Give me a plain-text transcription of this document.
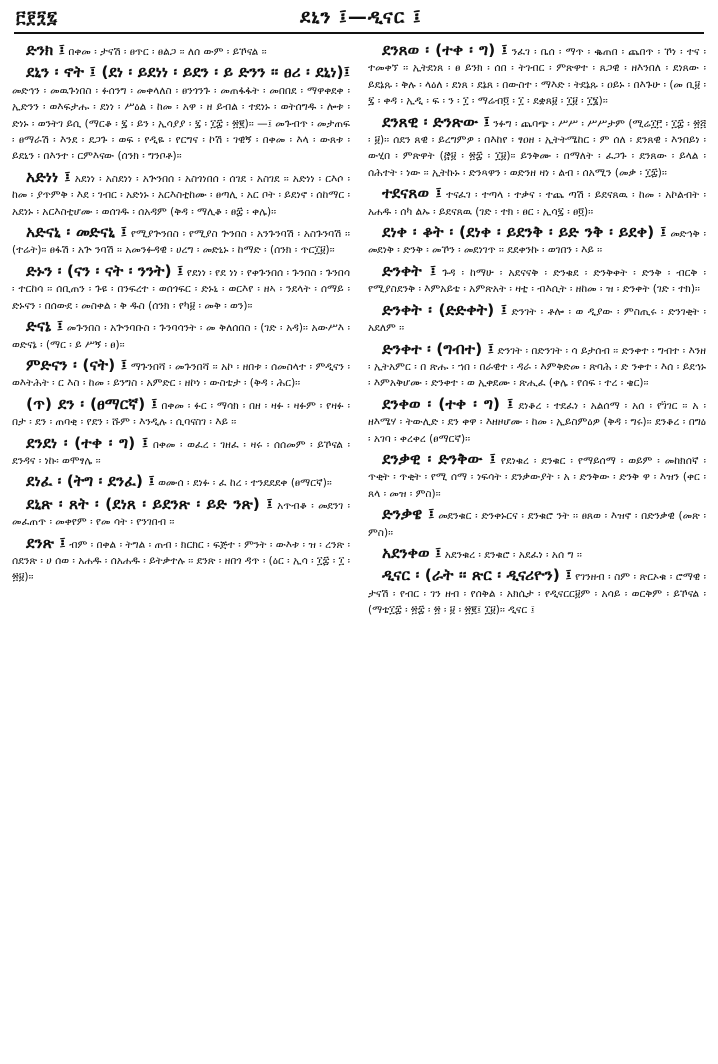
፫፻፺፯	ደኒን ፤—ዲናር ፤

ድንክ ፤ በቀመ ፡ ታናሽ ፡ ፀጥር ፡ ፀልጋ ፡፡ ለሰ ውም ፡ ይኾናል ፡፡

ደኒን ፡ ኖት ፤ (ደነ ፡ ይደነነ ፡ ይደን ፡ ይ ድንን ፡፡ ፀሪ ፡ ደኒነ)፤ መድኅን ፡ መዉጉነበስ ፡ ፉሰንግ ፡ መቀላለስ ፡ ፀንጎንጉ ፡ መጠፋፋት ፡ መበበደ ፡ ማዋቀደቀ ፡ ኢድንን ፡ ወእፍታሑ ፡ ደነነ ፡ ሥዕል ፡ ከመ ፡ አዋ ፡ ዘ ይብል ፡ ተደነኑ ፡ ወትሰግዱ ፡ ሎቱ ፡ ድነኑ ፡ ወንትገ ይሲ (ማርቆ ፡ ፯ ፡ ይን ፡ ኢሳያያ ፡ ፯ ፡ ፲፰ ፡ ፳፪)፡፡ —፤ መጉብጥ ፡ መታጠፍ ፡ ፀማራሽ ፡ እንደ ፡ ደጋጉ ፡ ወፍ ፡ የዲዬ ፡ የርግና ፡ ኮሽ ፡ ገዊኝ ፡ በቀመ ፡ እላ ፡ ውጸቱ ፡ ይደኒን ፡ በእንተ ፡ ርምእናው (ሰንክ ፡ ግንቦቶ)፡፡

አድነነ ፤ አደነነ ፡ አስደነነ ፡ አጕንበሰ ፡ አስጎነበሰ ፡ ሰገደ ፡ አስገደ ፡፡ አድነነ ፡ ርእሶ ፡ ከመ ፡ ያጥምቅ ፡ እደ ፡ ገብር ፡ አድነኑ ፡ አርእስቲከሙ ፡ ፀጣሊ ፡ አር ቦት ፡ ይደነኖ ፡ ሰከማር ፡ አደነኑ ፡ አርእስቲሆሙ ፡ ወሰገዱ ፡ ሰአዳም (ቅዳ ፡ ማሊቆ ፡ ፀ፰ ፡ ቀሌ)፡፡

አድናኒ ፡ መድናኒ ፤ የሚያጕንበስ ፡ የሚያስ ጕንበስ ፡ አንጉንባሽ ፡ አስጉንባሽ ፡፡ (ተሬት)፡፡ ፀፋሽ ፡ አጕ ንባሽ ፡፡ አመንፉዳዊ ፡ ሀረግ ፡ መድኒኑ ፡ ከማድ ፡ (ሰንክ ፡ ጥር፲፱)፡፡

ድኑን ፡ (ናን ፡ ናት ፡ ንንት) ፤ የደነነ ፡ የደ ነነ ፡ የቀጉንበሰ ፡ ጉንበስ ፡ ጉንበሳ ፡ ተርከሳ ፡፡ ሰቢጠን ፡ ጉዩ ፡ በንፍረተ ፡ ወሰጎፍር ፡ ድኑኒ ፡ ወርእየ ፡ ዘኣ ፡ ንደላት ፡ ሰማይ ፡ ድኑናን ፡ በሰውደ ፡ መስቀል ፡ ቅ ዱስ (ሰንክ ፡ የካ፱ ፡ መቅ ፡ ወን)፡፡

ድናኔ ፤ መጉንበስ ፡ አጕንባቡስ ፡ ጉንባሳንት ፡ መ ቅለሰበስ ፡ (ገድ ፡ አዳ)፡፡ አውሥእ ፡ ወድናኔ ፡ (ማር ፡ ይ ሥኝ ፡ ፀ)፡፡

ምድናን ፡ (ናት) ፤ ማጉንበሻ ፡ መጉንበሻ ፡፡ አኮ ፡ ዘበቱ ፡ ሰመስላተ ፡ ምዲናን ፡ ወእትሕት ፡ ር እስ ፡ ከመ ፡ ይንግስ ፡ አምድር ፡ ዘኮነ ፡ ውስቴታ ፡ (ቅዳ ፡ ሕር)፡፡

(ጥ) ደን ፡ (ፀማርኛ) ፤ በቀመ ፡ ፉር ፡ ማሳክ ፡ በዘ ፡ ዛፉ ፡ ዛፉም ፡ የዛፉ ፡ በታ ፡ ደን ፡ ጠባቂ ፡ የደን ፡ ሹም ፡ እንዲሉ ፡ ሲባናስገ ፡ እይ ፡፡

ደንደነ ፡ (ተቀ ፡ ግ) ፤ በቀመ ፡ ወፈረ ፡ ገዘፈ ፡ ዛሩ ፡ ሰሰመም ፡ ይኾናል ፡ ደንዳና ፡ ነኩ፡ ወሞፃሌ ፡፡

ደነፈ ፡ (ትግ ፡ ደንፈ) ፤ ወሙሰ ፡ ደነፉ ፡ ፈ ከረ ፡ ተንደደደቀ (ፀማርኛ)፡፡

ደኒጽ ፡ ጸት ፡ (ደነጸ ፡ ይደንጽ ፡ ይድ ንጽ) ፤ አጥብቆ ፡ መደንገ ፡ መፈጠጥ ፡ መቀየም ፡ የመ ሳት ፡ የንገበብ ፡፡

ደንጽ ፤ ብም ፡ በቀል ፡ ትግል ፡ ጠብ ፡ ክርክር ፡ ፍጅተ ፡ ምንት ፡ ውእቱ ፡ ዝ ፡ ረንጽ ፡ ሰደንጽ ፡ ሀ ሰወ ፡ አሐዱ ፡ ሰአሐዱ ፡ ይትቃተሉ ፡፡ ደንጽ ፡ ዘበጎ ዳጥ ፡ (ዕር ፡ ኢሳ ፡ ፲፰ ፡ ፲ ፡ ፳፱)፡፡

ደንጸወ ፡ (ተቀ ፡ ግ) ፤ ንፈገ ፡ ቤሰ ፡ ማጥ ፡ ቈጠበ ፡ ጨበጥ ፡ ኾነ ፡ ተና ፡ ተመቀኘ ፡፡ ኢትደነጸ ፡ ፀ ይንክ ፡ ሰበ ፡ ትገብር ፡ ምጽዋተ ፡ ጸጋዊ ፡ ዘእንበለ ፡ ደነጸው ፡ ይደኔጹ ፡ ቅሉ ፡ ላዕለ ፡ ደነጸ ፡ ደኔጸ ፡ በውስተ ፡ ማእድ ፡ ትደኔጹ ፡ ዐይኑ ፡ በእጉሁ ፡ (መ ቢ፱ ፡ ፯ ፡ ቀዳ ፡ ኢዲ ፡ ፍ ፡ ን ፡ ፲ ፡ ማሬብ፬ ፡ ፲ ፡ ደቋጸ፱ ፡ ፲፱ ፡ ፲፮)፡፡

ደንጸዊ ፡ ድንጽው ፤ ንፉግ ፡ ጨባጭ ፡ ሥሥ ፡ ሥሥታም (ሚሬ፲፫ ፡ ፲፰ ፡ ፳፭ ፡ ፱)፡፡ ሰደን ጸዊ ፡ ይረግምዎ ፡ በእከየ ፡ ፃዐዘ ፡ ኢትትሜከር ፡ ም ሰለ ፡ ደንጸዊ ፡ እንበይነ ፡ ውሂበ ፡ ምጽዋት (፸፱ ፡ ፳፰ ፡ ፲፱)፡፡ ይንቅሙ ፡ በማለት ፡ ፈጋጉ ፡ ደንጸው ፡ ይላል ፡ ሰሕተት ፡ ነው ፡፡ ኢትኩኑ ፡ ድንጻዋን ፡ ወድንዘ ዛነ ፡ ልብ ፡ ሰአሚን (መቃ ፡ ፲፰)፡፡

ተደናጸወ ፤ ተናፈገ ፡ ተጣላ ፡ ተቃና ፡ ተጨ ጣሽ ፡ ይደናጸዉ ፡ ከመ ፡ አኮልብት ፡ አሐዱ ፡ ሰካ ልኡ ፡ ይደናጸዉ (ገድ ፡ ተክ ፡ ፀር ፡ ኢሳ፯ ፡ ፀ፬)፡፡

ደነቀ ፡ ቆት ፡ (ደነቀ ፡ ይደንቅ ፡ ይድ ንቅ ፡ ይደቀ) ፤ መድኅቅ ፡ መደነቅ ፡ ድንቅ ፡ መኾን ፡ መደነገጥ ፡፡ ደደቀንኩ ፡ ወገበን ፡ እይ ፡፡

ድንቀት ፤ ጉዳ ፡ ከማሁ ፡ አደናናቅ ፡ ድንቁደ ፡ ድንቅቀት ፡ ድንቅ ፡ ብርቅ ፡ የሚያስደንቅ ፡ እምአይቴ ፡ አምጽአት ፡ ዛቲ ፡ ብእሲት ፡ ዘከመ ፡ ዝ ፡ ድንቀት (ገድ ፡ ተክ)፡፡

ድንቀት ፡ (ድድቀት) ፤ ድንገት ፡ ቶሎ ፡ ወ ዲያው ፡ ምስጢሩ ፡ ድንገቂት ፡ አደለም ፡፡

ድንቀተ ፡ (ግብተ) ፤ ድንገት ፡ በድንገት ፡ ሳ ይታሰብ ፡፡ ድንቀተ ፡ ግብተ ፡ እንዘ ፡ ኢትአምር ፡ በ ጽሑ ፡ ኀበ ፡ በራዊተ ፡ ዳራ ፡ እምቅድመ ፡ ጽባሕ ፡ ድ ንቀተ ፡ እሰ ፡ ይደኅኑ ፡ እምአቅሆሙ ፡ ድንቀተ ፡ ወ ኢቀደሙ ፡ ጽሒፈ (ቀሌ ፡ የሰፍ ፡ ተረ ፡ ቄር)፡፡

ደንቀወ ፡ (ተቀ ፡ ግ) ፤ ደነቆረ ፡ ተደፈነ ፡ አልሰማ ፡ አሰ ፡ የገ፟ገር ፡፡ አ ፡ ዘእሜሃ ፡ ትውሊድ ፡ ደን ቀዋ ፡ እዘዞሆሙ ፡ ከመ ፡ ኢይስምዕዎ (ቅዳ ፡ ግሩ)፡፡ ደንቆረ ፡ በግዕ ፡ አገባ ፡ ቀረቀረ (ፀማርኛ)፡፡

ደንቃዊ ፡ ድንቅው ፤ የደነቁረ ፡ ደንቁር ፡ የማይሰማ ፡ ወይም ፡ መከክሰኛ ፡ ጥቂት ፡ ጥቂት ፡ የሚ ሰማ ፡ ነፍሳት ፡ ደንቃውያት ፡ አ ፡ ድንቅው ፡ ድንቅ ዋ ፡ እዝን (ቀር ፡ ጸላ ፡ መዝ ፡ ምስ)፡፡

ድንቃዌ ፤ መደንቁር ፡ ድንቀኑርና ፡ ደንቁሮ ንት ፡፡ ፀጸወ ፡ እዝኖ ፡ በድንቃዊ (መጽ ፡ ምስ)፡፡

አደንቀወ ፤ አደንቁረ ፡ ደንቁሮ ፡ አደፈነ ፡ አሰ ግ ፡፡

ዲናር ፡ (ራት ፡፡ ጽር ፡ ዲናሪዮን) ፤ የገንዘብ ፡ ስም ፡ ጽርኦቁ ፡ ሮማዊ ፡ ታናሽ ፡ የብር ፡ ገን ዘብ ፡ የሰቅል ፡ አክሴታ ፡ የዲናርር፱ም ፡ አሳይ ፡ ወርቅም ፡ ይኾናል ፡ (ማቴ፲፰ ፡ ፳፰ ፡ ፳ ፡ ፱ ፡ ፳፪፤ ፲፱)፡፡ ዲናር ፤
